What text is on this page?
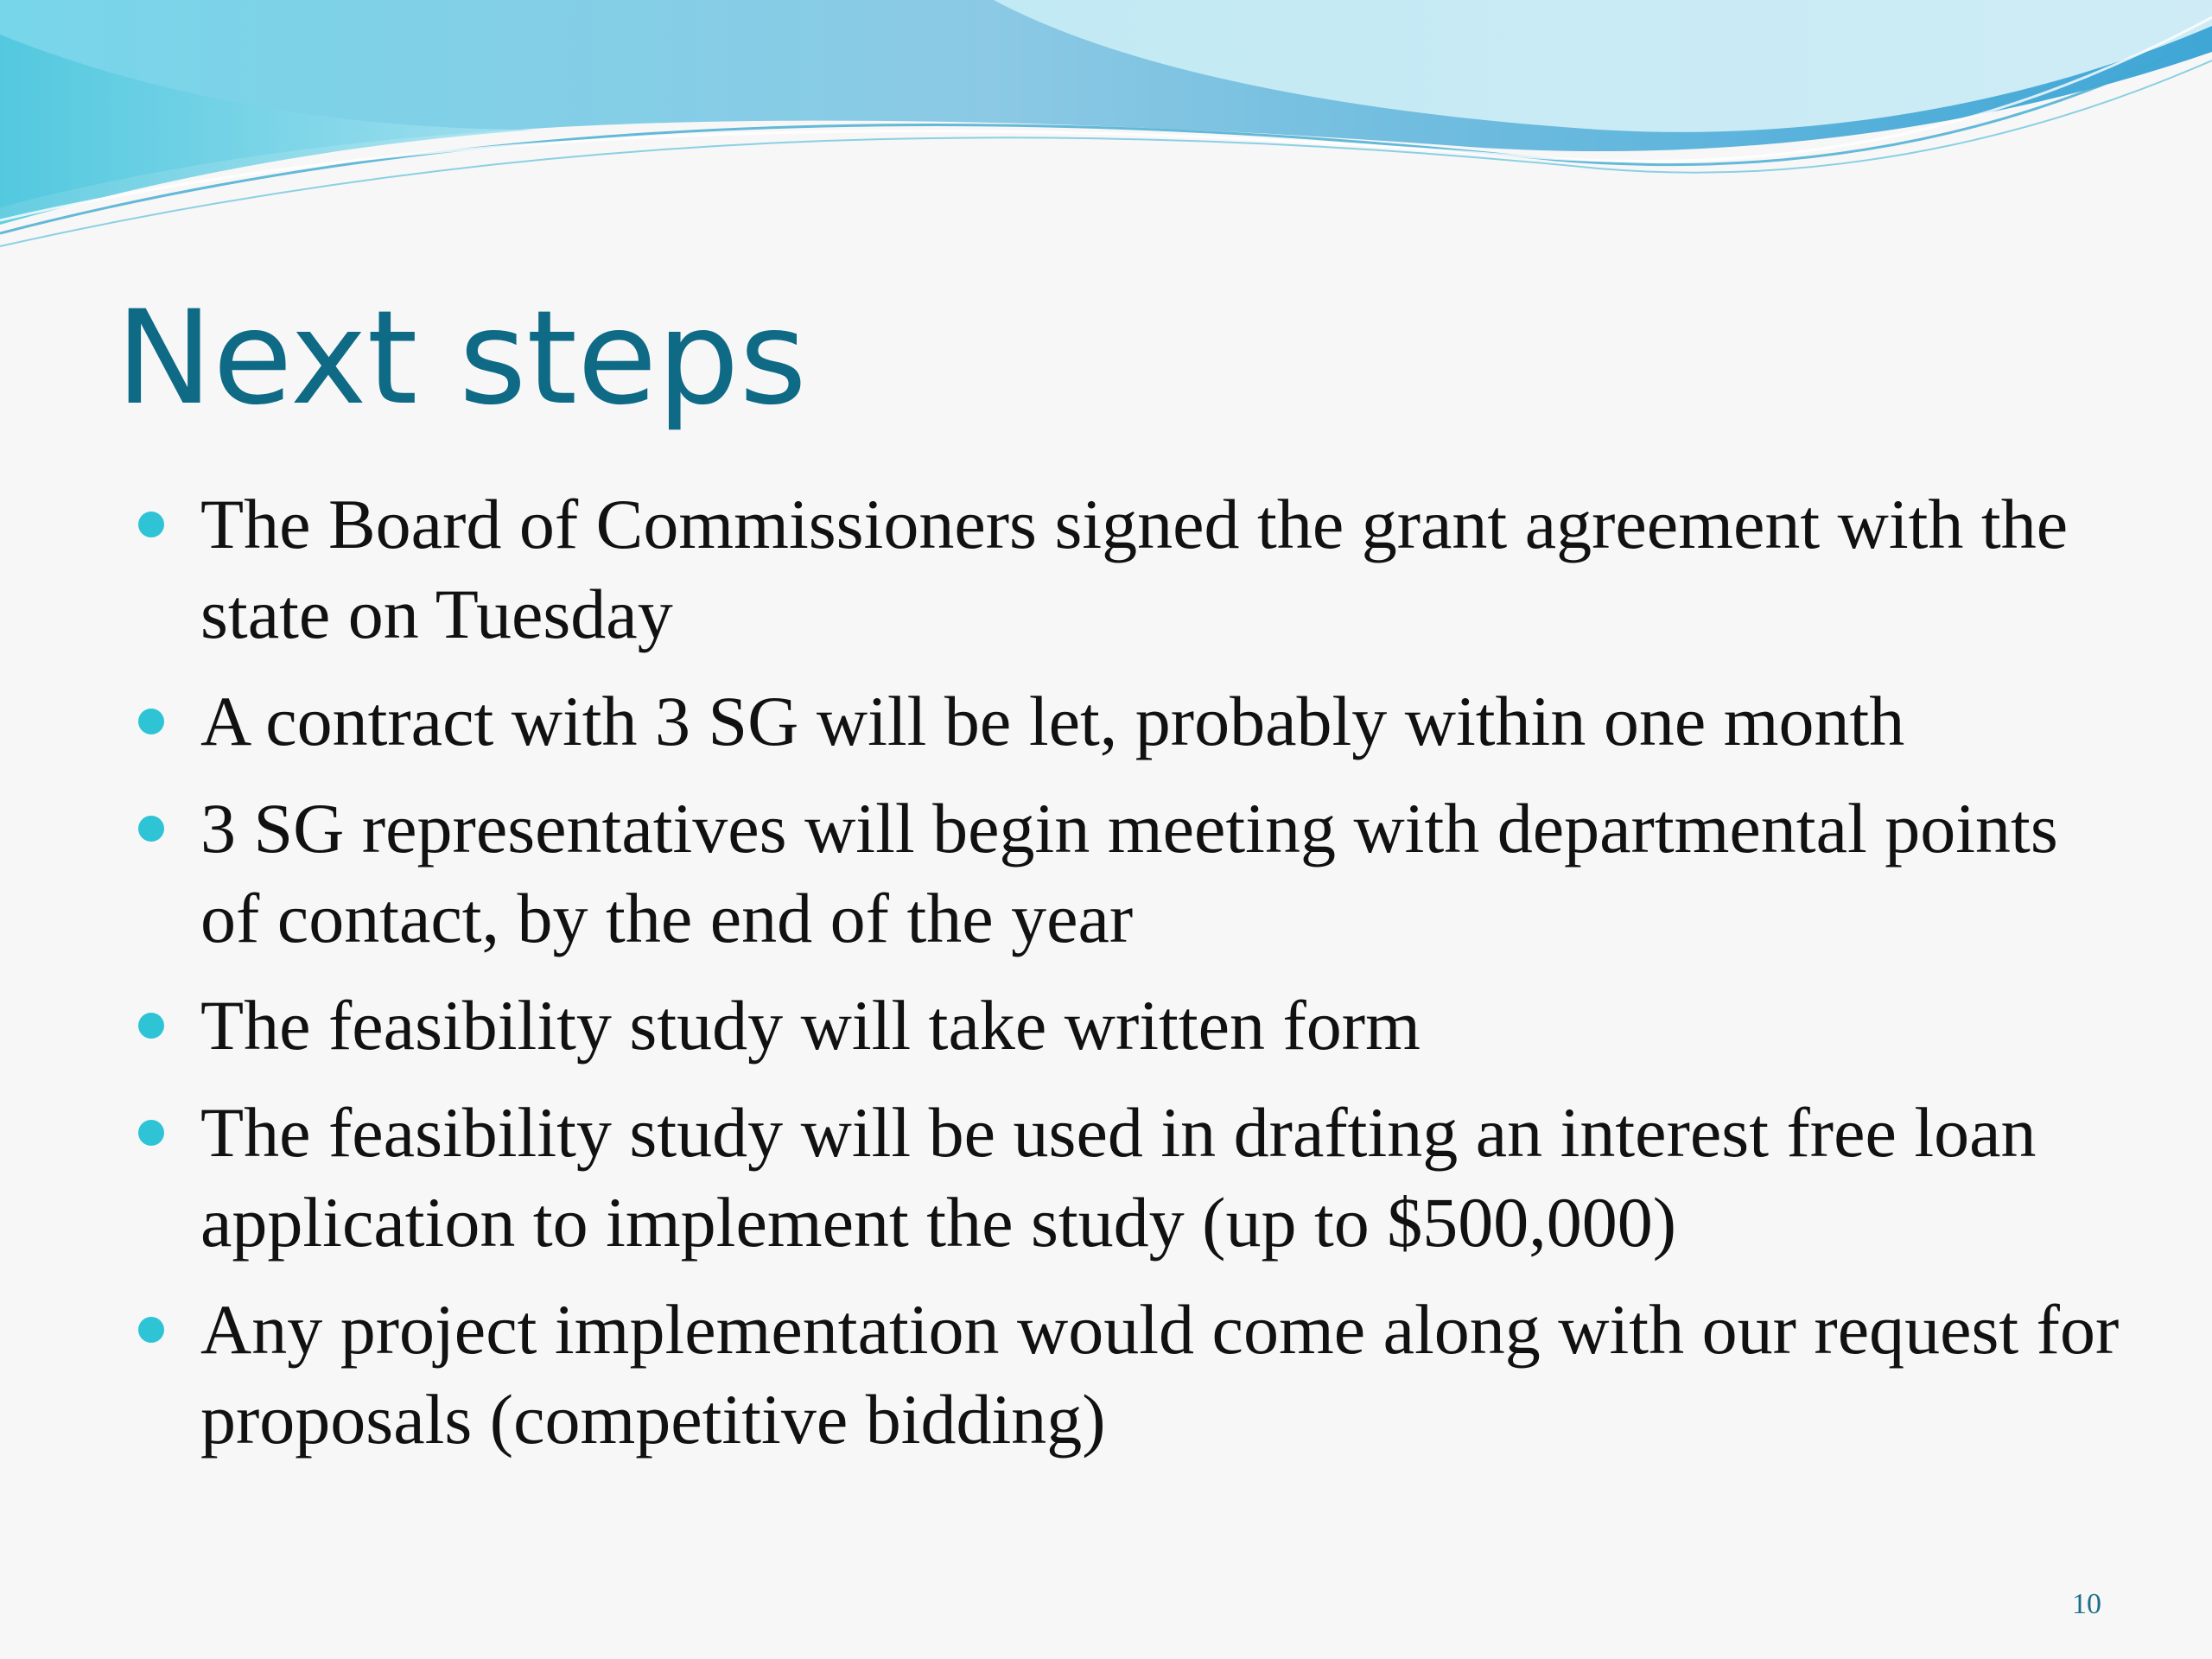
Next steps
The Board of Commissioners signed the grant agreement with the state on Tuesday
A contract with 3 SG will be let, probably within one month
3 SG representatives will begin meeting with departmental points of contact, by the end of the year
The feasibility study will take written form
The feasibility study will be used in drafting an interest free loan application to implement the study (up to $500,000)
Any project implementation would come along with our request for proposals (competitive bidding)
10
